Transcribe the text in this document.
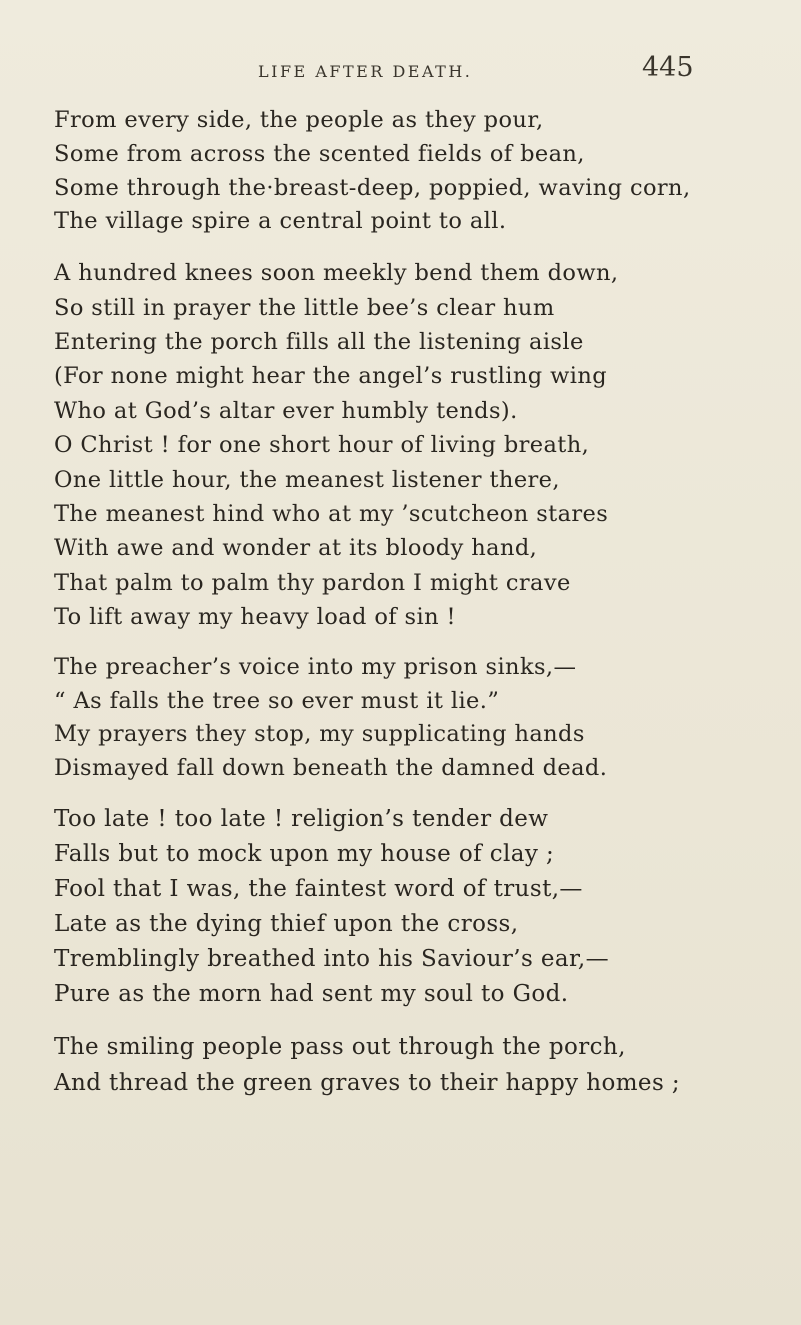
LIFE AFTER DEATH.	445
From every side, the people as they pour,
Some from across the scented fields of bean,
Some through the·breast-deep, poppied, waving corn,
The village spire a central point to all.
A hundred knees soon meekly bend them down,
So still in prayer the little bee’s clear hum
Entering the porch fills all the listening aisle
(For none might hear the angel’s rustling wing
Who at God’s altar ever humbly tends).
O Christ ! for one short hour of living breath,
One little hour, the meanest listener there,
The meanest hind who at my ’scutcheon stares
With awe and wonder at its bloody hand,
That palm to palm thy pardon I might crave
To lift away my heavy load of sin !
The preacher’s voice into my prison sinks,—
“ As falls the tree so ever must it lie.”
My prayers they stop, my supplicating hands
Dismayed fall down beneath the damned dead.
Too late ! too late ! religion’s tender dew
Falls but to mock upon my house of clay ;
Fool that I was, the faintest word of trust,—
Late as the dying thief upon the cross,
Tremblingly breathed into his Saviour’s ear,—
Pure as the morn had sent my soul to God.
The smiling people pass out through the porch,
And thread the green graves to their happy homes ;
